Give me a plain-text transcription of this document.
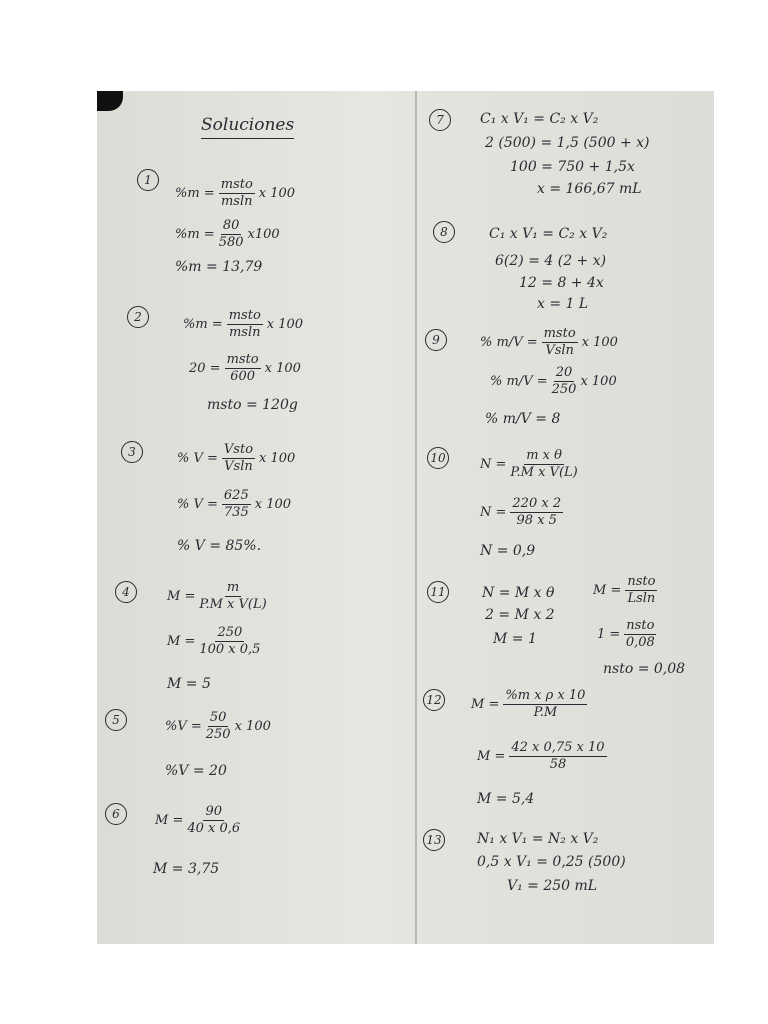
Soluciones
1
%m =
msto
msln
x 100
$\%m = \frac{80}{580} x100$
%m = 13,79
2	%m =
msto
msln
x 100
20 =
msto
600
x 100
msto = 120g
3	% V =
Vsto
Vsln
x 100
% $V = \frac{625}{735}$ x 100
% V = 85%.
4	$M = \frac{m}{\text{P.M x V(L)}}$
$M = \frac{250}{100 x 0,5}$
M = 5
5	$\%V = \frac{50}{250}$ x 100
%V = 20
6	$M = \frac{90}{40 x 0,6}$
M = 3,75
7	C₁ x V₁ = C₂ x V₂
2 (500) = 1,5 (500 + x)
100 = 750 + 1,5x
x = 166,67 mL
8	C₁ x V₁ = C₂ x V₂
6(2) = 4 (2 + x)
12 = 8 + 4x
x = 1 L
9	% m/V =
msto
Vsln
x 100
% $m/V = \frac{20}{250}$ x 100
% m/V = 8
10	$N = \frac{\text{m x θ}}{\text{P.M x V(L)}}$
$N = \frac{220 x 2}{98 x 5}$
N = 0,9
11	N = M x θ
2 = M x 2
M = 1
M =
nsto
Lsln
1 =
nsto
0,08
nsto = 0,08
12 $M = \frac{\text{\%m x ρ x 10}}{P.M}$
$M = \frac{42 x 0,75 x 10}{58}$
M = 5,4
13	N₁ x V₁ = N₂ x V₂
0,5 x V₁ = 0,25 (500)
V₁ = 250 mL
